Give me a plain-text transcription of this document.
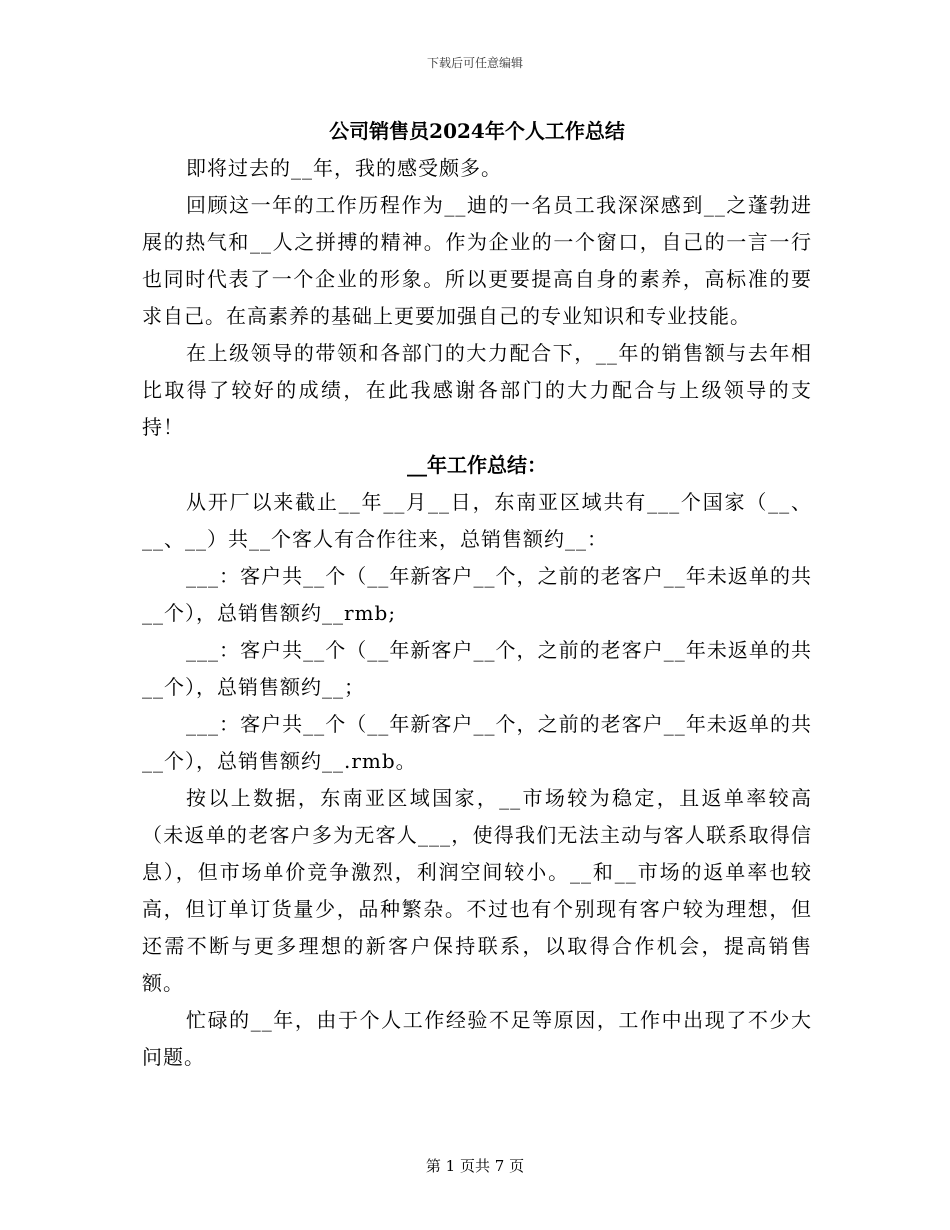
下载后可任意编辑
公司销售员2024年个人工作总结

即将过去的__年，我的感受颇多。

回顾这一年的工作历程作为__迪的一名员工我深深感到__之蓬勃进展的热气和__人之拼搏的精神。作为企业的一个窗口，自己的一言一行也同时代表了一个企业的形象。所以更要提高自身的素养，高标准的要求自己。在高素养的基础上更要加强自己的专业知识和专业技能。

在上级领导的带领和各部门的大力配合下，__年的销售额与去年相比取得了较好的成绩，在此我感谢各部门的大力配合与上级领导的支持！

__年工作总结：

从开厂以来截止__年__月__日，东南亚区域共有___个国家（__、__、__）共__个客人有合作往来，总销售额约__：

___：客户共__个（__年新客户__个，之前的老客户__年未返单的共__个），总销售额约__rmb;

___：客户共__个（__年新客户__个，之前的老客户__年未返单的共__个），总销售额约__；

___：客户共__个（__年新客户__个，之前的老客户__年未返单的共__个），总销售额约__.rmb。

按以上数据，东南亚区域国家，__市场较为稳定，且返单率较高（未返单的老客户多为无客人___，使得我们无法主动与客人联系取得信息），但市场单价竞争激烈，利润空间较小。__和__市场的返单率也较高，但订单订货量少，品种繁杂。不过也有个别现有客户较为理想，但还需不断与更多理想的新客户保持联系，以取得合作机会，提高销售额。

忙碌的__年，由于个人工作经验不足等原因，工作中出现了不少大问题。

第 1 页共 7 页
